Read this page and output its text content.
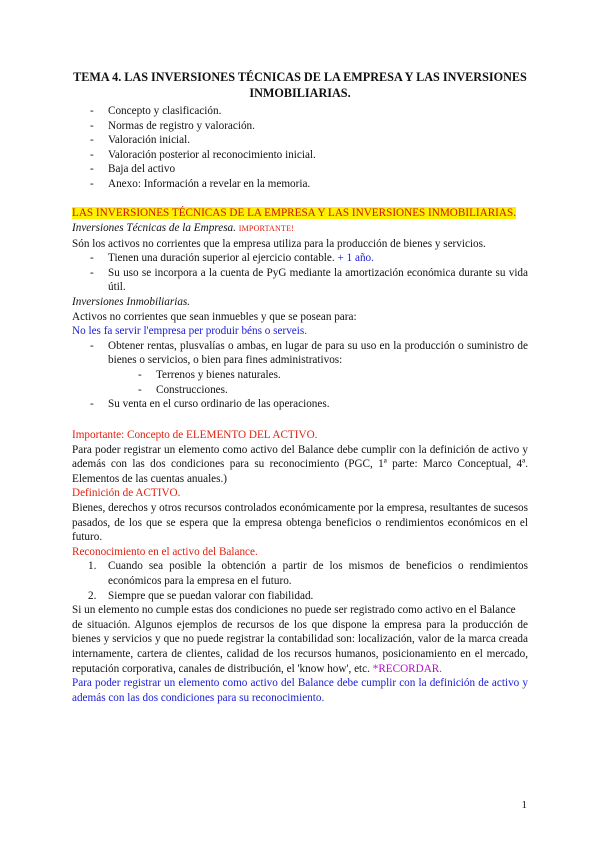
TEMA 4. LAS INVERSIONES TÉCNICAS DE LA EMPRESA Y LAS INVERSIONES INMOBILIARIAS.
- Concepto y clasificación.
- Normas de registro y valoración.
- Valoración inicial.
- Valoración posterior al reconocimiento inicial.
- Baja del activo
- Anexo: Información a revelar en la memoria.
LAS INVERSIONES TÉCNICAS DE LA EMPRESA Y LAS INVERSIONES INMOBILIARIAS.

Inversiones Técnicas de la Empresa. IMPORTANTE!

Són los activos no corrientes que la empresa utiliza para la producción de bienes y servicios.

- Tienen una duración superior al ejercicio contable. + 1 año.
- Su uso se incorpora a la cuenta de PyG mediante la amortización económica durante su vida útil.

Inversiones Inmobiliarias.

Activos no corrientes que sean inmuebles y que se posean para:

No les fa servir l'empresa per produir béns o serveis.

- Obtener rentas, plusvalías o ambas, en lugar de para su uso en la producción o suministro de bienes o servicios, o bien para fines administrativos:
- Terrenos y bienes naturales.
- Construcciones.
- Su venta en el curso ordinario de las operaciones.

Importante: Concepto de ELEMENTO DEL ACTIVO.

Para poder registrar un elemento como activo del Balance debe cumplir con la definición de activo y además con las dos condiciones para su reconocimiento (PGC, 1ª parte: Marco Conceptual, 4ª. Elementos de las cuentas anuales.)

Definición de ACTIVO.

Bienes, derechos y otros recursos controlados económicamente por la empresa, resultantes de sucesos pasados, de los que se espera que la empresa obtenga beneficios o rendimientos económicos en el futuro.

Reconocimiento en el activo del Balance.

1. Cuando sea posible la obtención a partir de los mismos de beneficios o rendimientos económicos para la empresa en el futuro.
2. Siempre que se puedan valorar con fiabilidad.

Si un elemento no cumple estas dos condiciones no puede ser registrado como activo en el Balance

de situación. Algunos ejemplos de recursos de los que dispone la empresa para la producción de bienes y servicios y que no puede registrar la contabilidad son: localización, valor de la marca creada internamente, cartera de clientes, calidad de los recursos humanos, posicionamiento en el mercado, reputación corporativa, canales de distribución, el 'know how', etc. *RECORDAR.

Para poder registrar un elemento como activo del Balance debe cumplir con la definición de activo y además con las dos condiciones para su reconocimiento.

1
